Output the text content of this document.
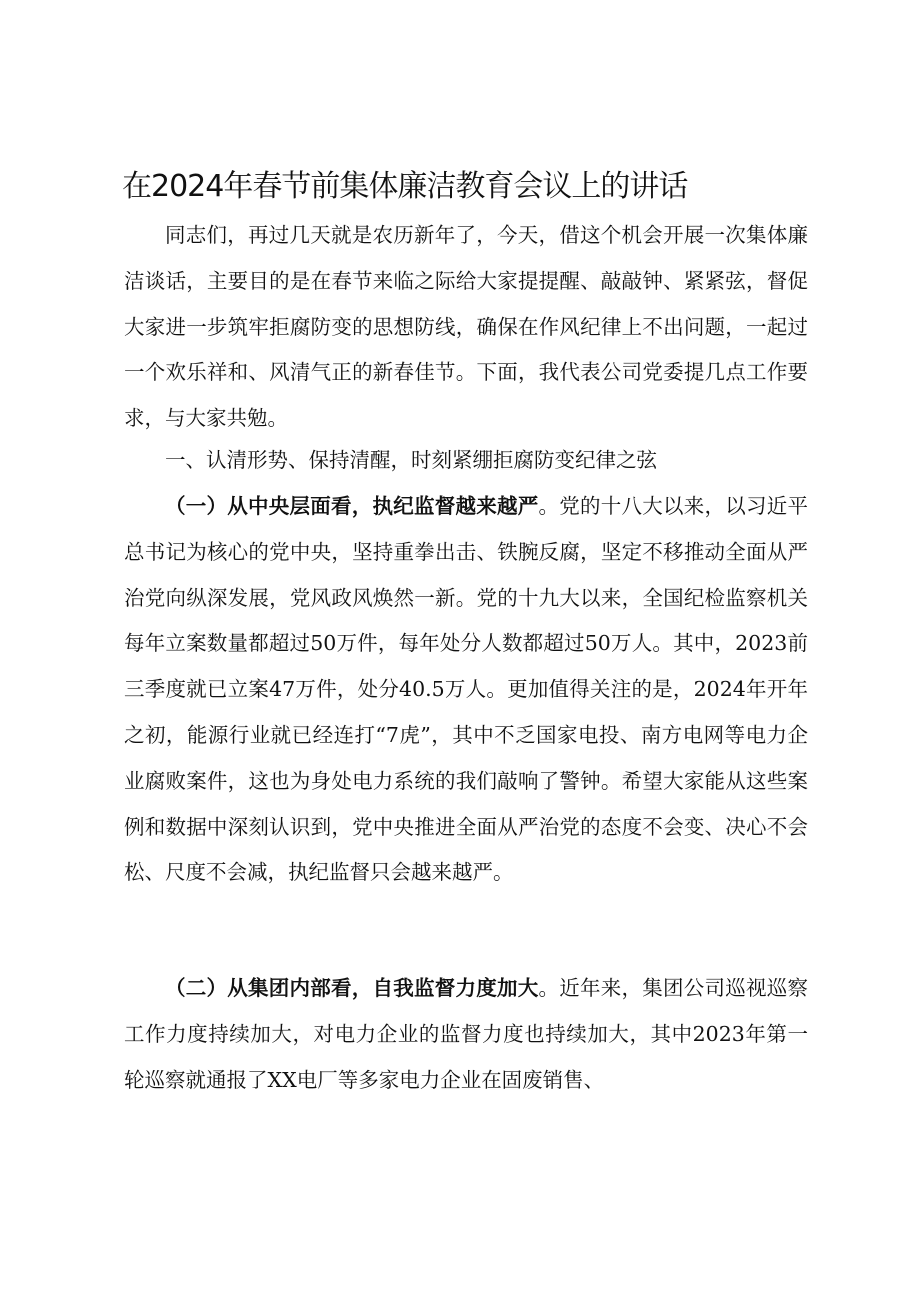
在2024年春节前集体廉洁教育会议上的讲话

同志们，再过几天就是农历新年了，今天，借这个机会开展一次集体廉洁谈话，主要目的是在春节来临之际给大家提提醒、敲敲钟、紧紧弦，督促大家进一步筑牢拒腐防变的思想防线，确保在作风纪律上不出问题，一起过一个欢乐祥和、风清气正的新春佳节。下面，我代表公司党委提几点工作要求，与大家共勉。

一、认清形势、保持清醒，时刻紧绷拒腐防变纪律之弦

（一）从中央层面看，执纪监督越来越严。党的十八大以来，以习近平总书记为核心的党中央，坚持重拳出击、铁腕反腐，坚定不移推动全面从严治党向纵深发展，党风政风焕然一新。党的十九大以来，全国纪检监察机关每年立案数量都超过50万件，每年处分人数都超过50万人。其中，2023前三季度就已立案47万件，处分40.5万人。更加值得关注的是，2024年开年之初，能源行业就已经连打“7虎”，其中不乏国家电投、南方电网等电力企业腐败案件，这也为身处电力系统的我们敲响了警钟。希望大家能从这些案例和数据中深刻认识到，党中央推进全面从严治党的态度不会变、决心不会松、尺度不会减，执纪监督只会越来越严。

（二）从集团内部看，自我监督力度加大。近年来，集团公司巡视巡察工作力度持续加大，对电力企业的监督力度也持续加大，其中2023年第一轮巡察就通报了XX电厂等多家电力企业在固废销售、
